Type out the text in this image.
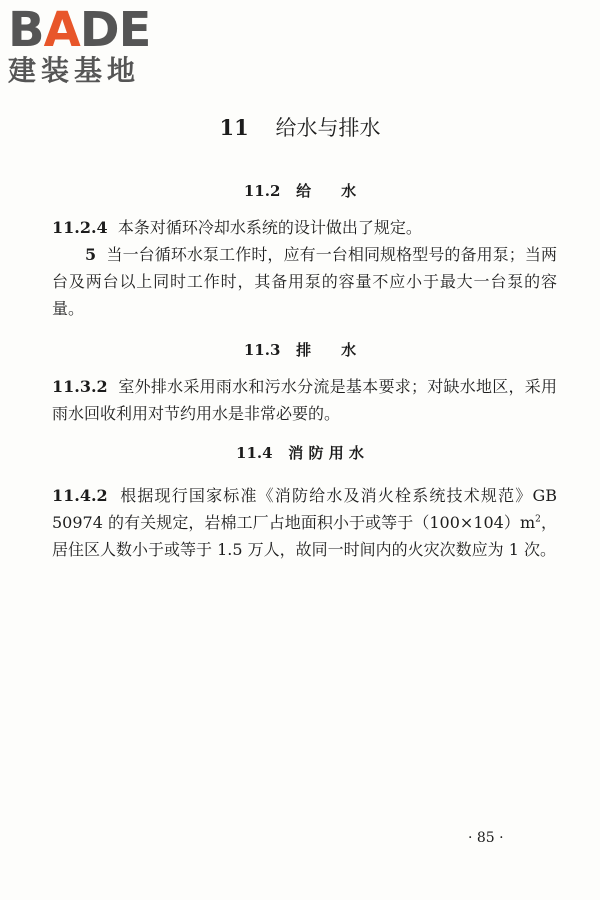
BADE
建装基地
11 给水与排水
11.2 给　　水
11.2.4 本条对循环冷却水系统的设计做出了规定。
5 当一台循环水泵工作时，应有一台相同规格型号的备用泵；当两台及两台以上同时工作时，其备用泵的容量不应小于最大一台泵的容量。
11.3 排　　水
11.3.2 室外排水采用雨水和污水分流是基本要求；对缺水地区，采用雨水回收利用对节约用水是非常必要的。
11.4 消 防 用 水
11.4.2 根据现行国家标准《消防给水及消火栓系统技术规范》GB 50974 的有关规定，岩棉工厂占地面积小于或等于$(100\times 104)m^2$，居住区人数小于或等于 1.5 万人，故同一时间内的火灾次数应为 1 次。
· 85 ·
